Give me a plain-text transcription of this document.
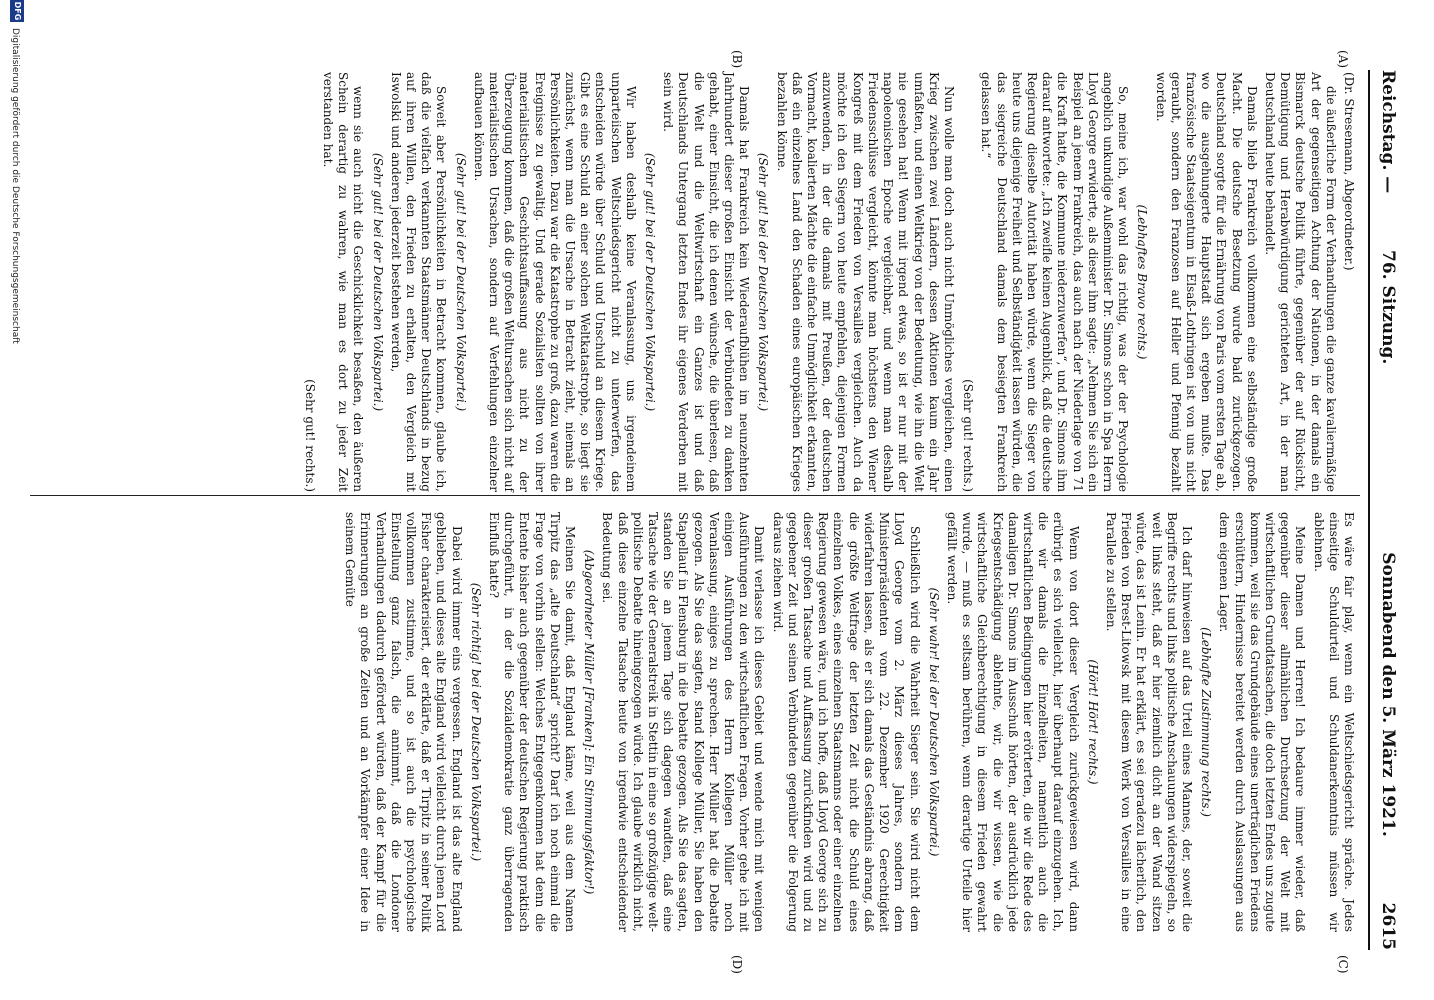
Reichstag. —
76. Sitzung.
Sonnabend den 5. März 1921. 2615
(A)
(B)
(C)
(D)

(Dr. Stresemann, Abgeordneter.)

die äußerliche Form der Verhandlungen die ganze kavaliermäßige Art der gegenseitigen Achtung der Nationen, in der damals ein Bismarck deutsche Politik führte, gegenüber der auf Rücksicht, Demütigung und Herabwürdigung gerichteten Art, in der man Deutschland heute behandelt.

Damals blieb Frankreich vollkommen eine selbständige große Macht. Die deutsche Besetzung wurde bald zurückgezogen. Deutschland sorgte für die Ernährung von Paris vom ersten Tage ab, wo die ausgehungerte Hauptstadt sich ergeben mußte. Das französische Staatseigentum in Elsaß-Lothringen ist von uns nicht geraubt, sondern den Franzosen auf Heller und Pfennig bezahlt worden.

(Lebhaftes Bravo rechts.)

So, meine ich, war wohl das richtig, was der der Psychologie angeblich unkundige Außenminister Dr. Simons schon in Spa Herrn Lloyd George erwiderte, als dieser ihm sagte: „Nehmen Sie sich ein Beispiel an jenem Frankreich, das auch nach der Niederlage von 71 die Kraft hatte, die Kommune niederzuwerfen“, und Dr. Simons ihm darauf antwortete: „Ich zweifle keinen Augenblick, daß die deutsche Regierung dieselbe Autorität haben würde, wenn die Sieger von heute uns diejenige Freiheit und Selbständigkeit lassen würden, die das siegreiche Deutschland damals dem besiegten Frankreich gelassen hat.“

(Sehr gut! rechts.)

Nun wolle man doch auch nicht Unmögliches vergleichen, einen Krieg zwischen zwei Ländern, dessen Aktionen kaum ein Jahr umfaßten, und einen Weltkrieg von der Bedeutung, wie ihn die Welt nie gesehen hat! Wenn mit irgend etwas, so ist er nur mit der napoleonischen Epoche vergleichbar, und wenn man deshalb Friedensschlüsse vergleicht, könnte man höchstens den Wiener Kongreß mit dem Frieden von Versailles vergleichen. Auch da möchte ich den Siegern von heute empfehlen, diejenigen Formen anzuwenden, in der die damals mit Preußen, der deutschen Vormacht, koalierten Mächte die einfache Unmöglichkeit erkannten, daß ein einzelnes Land den Schaden eines europäischen Krieges bezahlen könne.

(Sehr gut! bei der Deutschen Volkspartei.)

Damals hat Frankreich kein Wiederaufblühen im neunzehnten Jahrhundert dieser großen Einsicht der Verbündeten zu danken gehabt, einer Einsicht, die ich denen wünsche, die überlesen, daß die Welt und die Weltwirtschaft ein Ganzes ist und daß Deutschlands Untergang letzten Endes ihr eigenes Verderben mit sein wird.

(Sehr gut! bei der Deutschen Volkspartei.)

Wir haben deshalb keine Veranlassung, uns irgendeinem unparteiischen Weltschiedsgericht nicht zu unterwerfen, das entscheiden würde über Schuld und Unschuld an diesem Kriege. Gibt es eine Schuld an einer solchen Weltkatastrophe, so liegt sie zunächst, wenn man die Ursache in Betracht zieht, niemals an Persönlichkeiten. Dazu war die Katastrophe zu groß, dazu waren die Ereignisse zu gewaltig. Und gerade Sozialisten sollten von ihrer materialistischen Geschichtsauffassung aus nicht zu der Überzeugung kommen, daß die großen Weltursachen sich nicht auf materialistischen Ursachen, sondern auf Verfehlungen einzelner aufbauen können.

(Sehr gut! bei der Deutschen Volkspartei.)

Soweit aber Persönlichkeiten in Betracht kommen, glaube ich, daß die vielfach verkannten Staatsmänner Deutschlands in bezug auf ihren Willen, den Frieden zu erhalten, den Vergleich mit Iswolski und anderen jederzeit bestehen werden,

(Sehr gut! bei der Deutschen Volkspartei.)

wenn sie auch nicht die Geschicklichkeit besaßen, den äußeren Schein derartig zu wahren, wie man es dort zu jeder Zeit verstanden hat.

(Sehr gut! rechts.)

Es wäre fair play, wenn ein Weltschiedsgericht spräche. Jedes einseitige Schuldurteil und Schuldanerkenntnis müssen wir ablehnen.

Meine Damen und Herren! Ich bedaure immer wieder, daß gegenüber dieser allmählichen Durchsetzung der Welt mit wirtschaftlichen Grundtatsachen, die doch letzten Endes uns zugute kommen, weil sie das Grundgebäude eines unerträglichen Friedens erschüttern, Hindernisse bereitet werden durch Auslassungen aus dem eigenen Lager.

(Lebhafte Zustimmung rechts.)

Ich darf hinweisen auf das Urteil eines Mannes, der, soweit die Begriffe rechts und links politische Anschauungen widerspiegeln, so weit links steht, daß er hier ziemlich dicht an der Wand sitzen würde, das ist Lenin. Er hat erklärt, es sei geradezu lächerlich, den Frieden von Brest-Litowsk mit diesem Werk von Versailles in eine Parallele zu stellen.

(Hört! Hört! rechts.)

Wenn von dort dieser Vergleich zurückgewiesen wird, dann erübrigt es sich vielleicht, hier überhaupt darauf einzugehen. Ich, die wir damals die Einzelheiten, namentlich auch die wirtschaftlichen Bedingungen hier erörterten, die wir die Rede des damaligen Dr. Simons im Ausschuß hörten, der ausdrücklich jede Kriegsentschädigung ablehnte, wir, die wir wissen, wie die wirtschaftliche Gleichberechtigung in diesem Frieden gewahrt wurde, — muß es seltsam berühren, wenn derartige Urteile hier gefällt werden.

(Sehr wahr! bei der Deutschen Volkspartei.)

Schließlich wird die Wahrheit Sieger sein. Sie wird nicht dem Lloyd George vom 2. März dieses Jahres, sondern dem Ministerpräsidenten vom 22. Dezember 1920 Gerechtigkeit widerfahren lassen, als er sich damals das Geständnis abrang, daß die größte Weltfrage der letzten Zeit nicht die Schuld eines einzelnen Volkes, eines einzelnen Staatsmanns oder einer einzelnen Regierung gewesen wäre, und ich hoffe, daß Lloyd George sich zu dieser großen Tatsache und Auffassung zurückfinden wird und zu gegebener Zeit und seinen Verbündeten gegenüber die Folgerung daraus ziehen wird.

Damit verlasse ich dieses Gebiet und wende mich mit wenigen Ausführungen zu den wirtschaftlichen Fragen. Vorher gehe ich mit einigen Ausführungen des Herrn Kollegen Müller noch Veranlassung, einiges zu sprechen. Herr Müller hat die Debatte gezogen. Als Sie das sagten, stand Kollege Müller, Sie haben den Stapellauf in Flensburg in die Debatte gezogen. Als Sie das sagten, standen Sie an jenem Tage sich dagegen wandten, daß eine Tatsache wie der Generalstreik in Stettin in eine so großzügige weltpolitische Debatte hineingezogen würde. Ich glaube wirklich nicht, daß diese einzelne Tatsache heute von irgendwie entscheidender Bedeutung sei.

(Abgeordneter Müller [Franken]: Ein Stimmungsfaktor!)

Meinen Sie damit, daß England käme, weil aus dem Namen Tirpitz das „alte Deutschland“ spricht? Darf ich noch einmal die Frage von vorhin stellen: Welches Entgegenkommen hat denn die Entente bisher auch gegenüber der deutschen Regierung praktisch durchgeführt, in der die Sozialdemokratie ganz überragenden Einfluß hatte?

(Sehr richtig! bei der Deutschen Volkspartei.)

Dabei wird immer eins vergessen. England ist das alte England geblieben, und dieses alte England wird vielleicht durch jenen Lord Fisher charakterisiert, der erklärte, daß er Tirpitz in seiner Politik vollkommen zustimme, und so ist auch die psychologische Einstellung ganz falsch, die annimmt, daß die Londoner Verhandlungen dadurch gefördert würden, daß der Kampf für die Erinnerungen an große Zeiten und an Vorkämpfer einer Idee in seinem Gemüte

DFG
Digitalisierung gefördert durch die Deutsche Forschungsgemeinschaft
